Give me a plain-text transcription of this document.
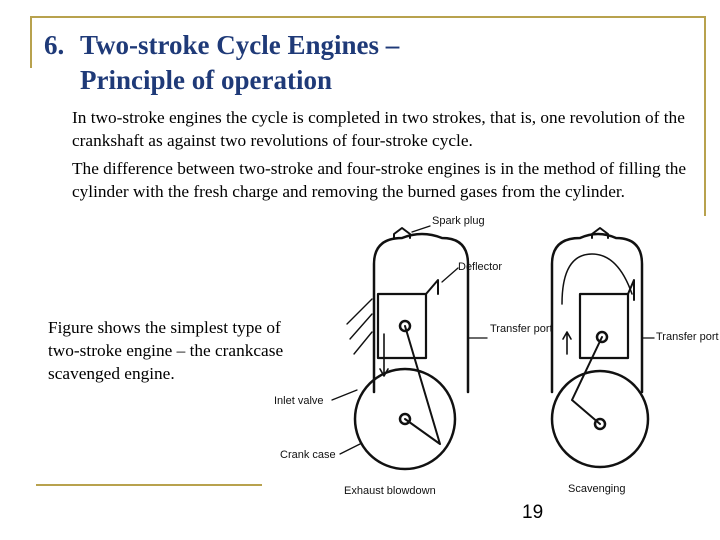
6. Two-stroke Cycle Engines –
Principle of operation

In two-stroke engines the cycle is completed in two strokes, that is, one revolution of the crankshaft as against two revolutions of four-stroke cycle.

The difference between two-stroke and four-stroke engines is in the method of filling the cylinder with the fresh charge and removing the burned gases from the cylinder.

Figure shows the simplest type of two-stroke engine – the crankcase scavenged engine.

Spark plug
Deflector
Transfer port
Transfer port
Inlet valve
Crank case
Exhaust blowdown	Scavenging
19
